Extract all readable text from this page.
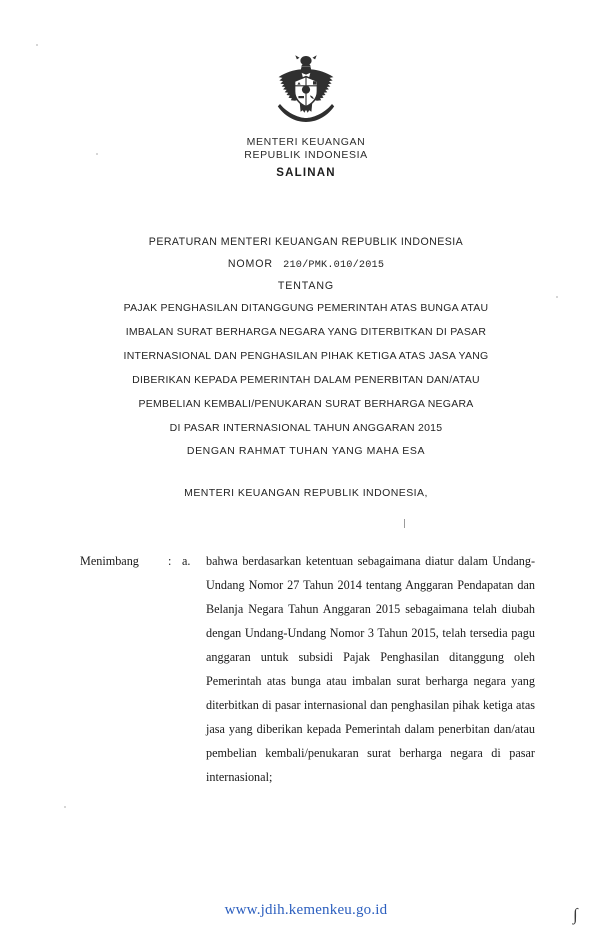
MENTERI KEUANGAN
REPUBLIK INDONESIA
SALINAN
PERATURAN MENTERI KEUANGAN REPUBLIK INDONESIA
NOMOR 210/PMK.010/2015
TENTANG
PAJAK PENGHASILAN DITANGGUNG PEMERINTAH ATAS BUNGA ATAU
IMBALAN SURAT BERHARGA NEGARA YANG DITERBITKAN DI PASAR
INTERNASIONAL DAN PENGHASILAN PIHAK KETIGA ATAS JASA YANG
DIBERIKAN KEPADA PEMERINTAH DALAM PENERBITAN DAN/ATAU
PEMBELIAN KEMBALI/PENUKARAN SURAT BERHARGA NEGARA
DI PASAR INTERNASIONAL TAHUN ANGGARAN 2015
DENGAN RAHMAT TUHAN YANG MAHA ESA
MENTERI KEUANGAN REPUBLIK INDONESIA,
Menimbang	: a.	bahwa berdasarkan ketentuan sebagaimana diatur dalam Undang-Undang Nomor 27 Tahun 2014 tentang Anggaran Pendapatan dan Belanja Negara Tahun Anggaran 2015 sebagaimana telah diubah dengan Undang-Undang Nomor 3 Tahun 2015, telah tersedia pagu anggaran untuk subsidi Pajak Penghasilan ditanggung oleh Pemerintah atas bunga atau imbalan surat berharga negara yang diterbitkan di pasar internasional dan penghasilan pihak ketiga atas jasa yang diberikan kepada Pemerintah dalam penerbitan dan/atau pembelian kembali/penukaran surat berharga negara di pasar internasional;
www.jdih.kemenkeu.go.id	∫
